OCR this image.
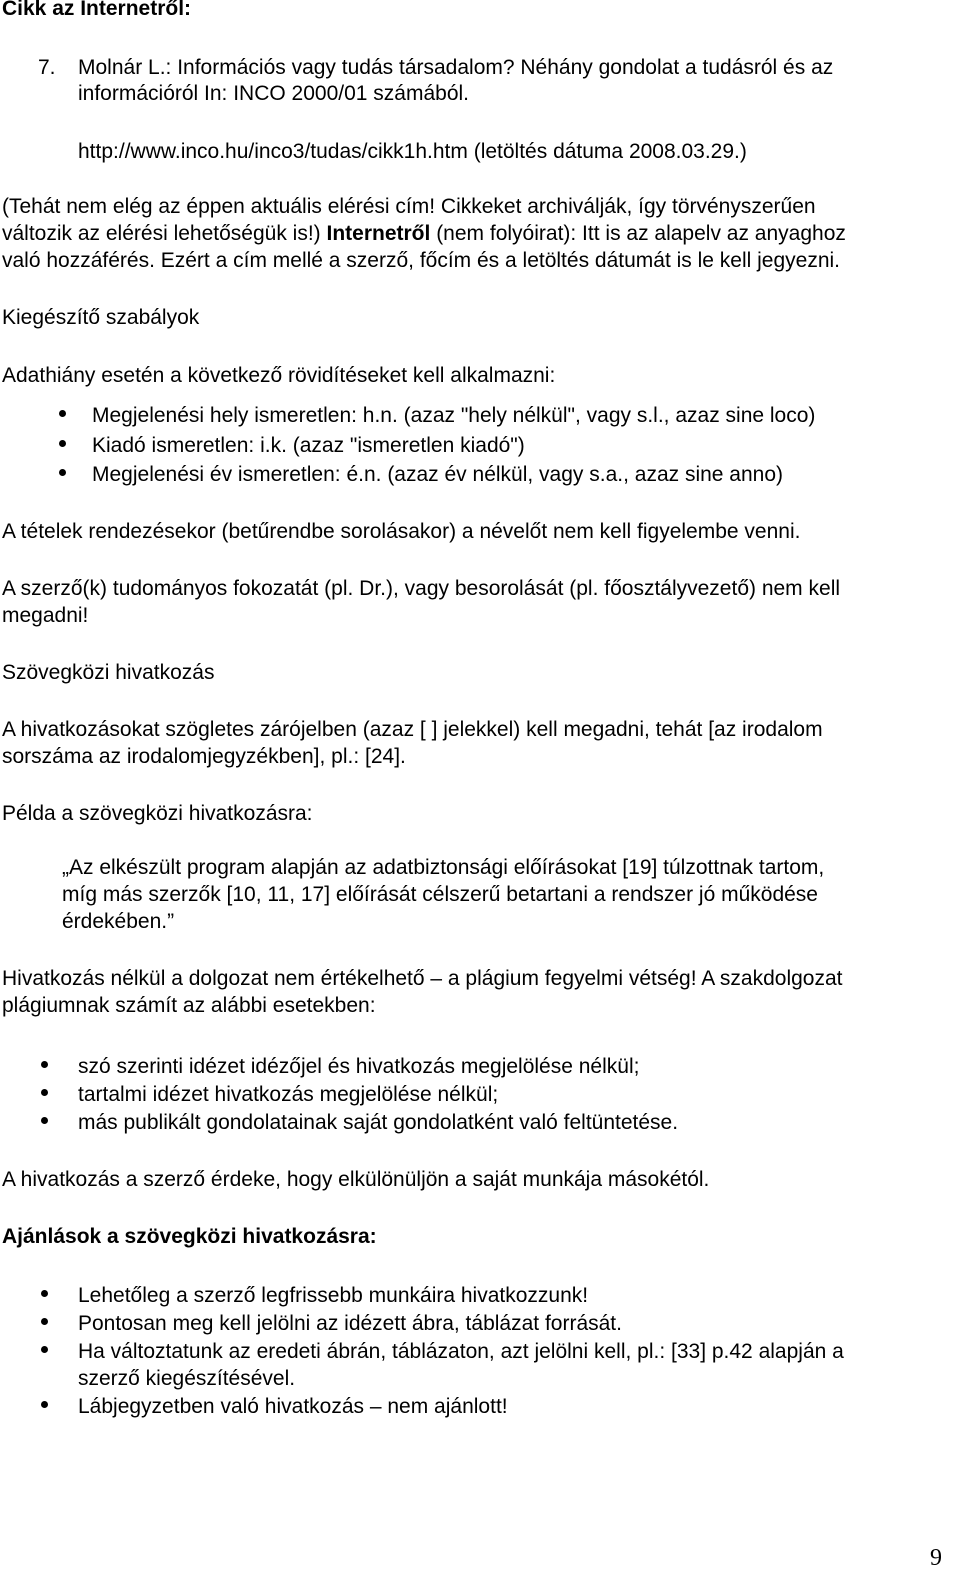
Cikk az Internetről:
7. Molnár L.: Információs vagy tudás társadalom? Néhány gondolat a tudásról és az
információról In: INCO 2000/01 számából.
http://www.inco.hu/inco3/tudas/cikk1h.htm (letöltés dátuma 2008.03.29.)
(Tehát nem elég az éppen aktuális elérési cím! Cikkeket archiválják, így törvényszerűen
változik az elérési lehetőségük is!) Internetről (nem folyóirat): Itt is az alapelv az anyaghoz
való hozzáférés. Ezért a cím mellé a szerző, főcím és a letöltés dátumát is le kell jegyezni.
Kiegészítő szabályok
Adathiány esetén a következő rövidítéseket kell alkalmazni:
Megjelenési hely ismeretlen: h.n. (azaz "hely nélkül", vagy s.l., azaz sine loco)
Kiadó ismeretlen: i.k. (azaz "ismeretlen kiadó")
Megjelenési év ismeretlen: é.n. (azaz év nélkül, vagy s.a., azaz sine anno)
A tételek rendezésekor (betűrendbe sorolásakor) a névelőt nem kell figyelembe venni.
A szerző(k) tudományos fokozatát (pl. Dr.), vagy besorolását (pl. főosztályvezető) nem kell
megadni!
Szövegközi hivatkozás
A hivatkozásokat szögletes zárójelben (azaz [ ] jelekkel) kell megadni, tehát [az irodalom
sorszáma az irodalomjegyzékben], pl.: [24].
Példa a szövegközi hivatkozásra:
„Az elkészült program alapján az adatbiztonsági előírásokat [19] túlzottnak tartom,
míg más szerzők [10, 11, 17] előírását célszerű betartani a rendszer jó működése
érdekében.”
Hivatkozás nélkül a dolgozat nem értékelhető – a plágium fegyelmi vétség! A szakdolgozat
plágiumnak számít az alábbi esetekben:
szó szerinti idézet idézőjel és hivatkozás megjelölése nélkül;
tartalmi idézet hivatkozás megjelölése nélkül;
más publikált gondolatainak saját gondolatként való feltüntetése.
A hivatkozás a szerző érdeke, hogy elkülönüljön a saját munkája másokétól.
Ajánlások a szövegközi hivatkozásra:
Lehetőleg a szerző legfrissebb munkáira hivatkozzunk!
Pontosan meg kell jelölni az idézett ábra, táblázat forrását.
Ha változtatunk az eredeti ábrán, táblázaton, azt jelölni kell, pl.: [33] p.42 alapján a
szerző kiegészítésével.
Lábjegyzetben való hivatkozás – nem ajánlott!
9
